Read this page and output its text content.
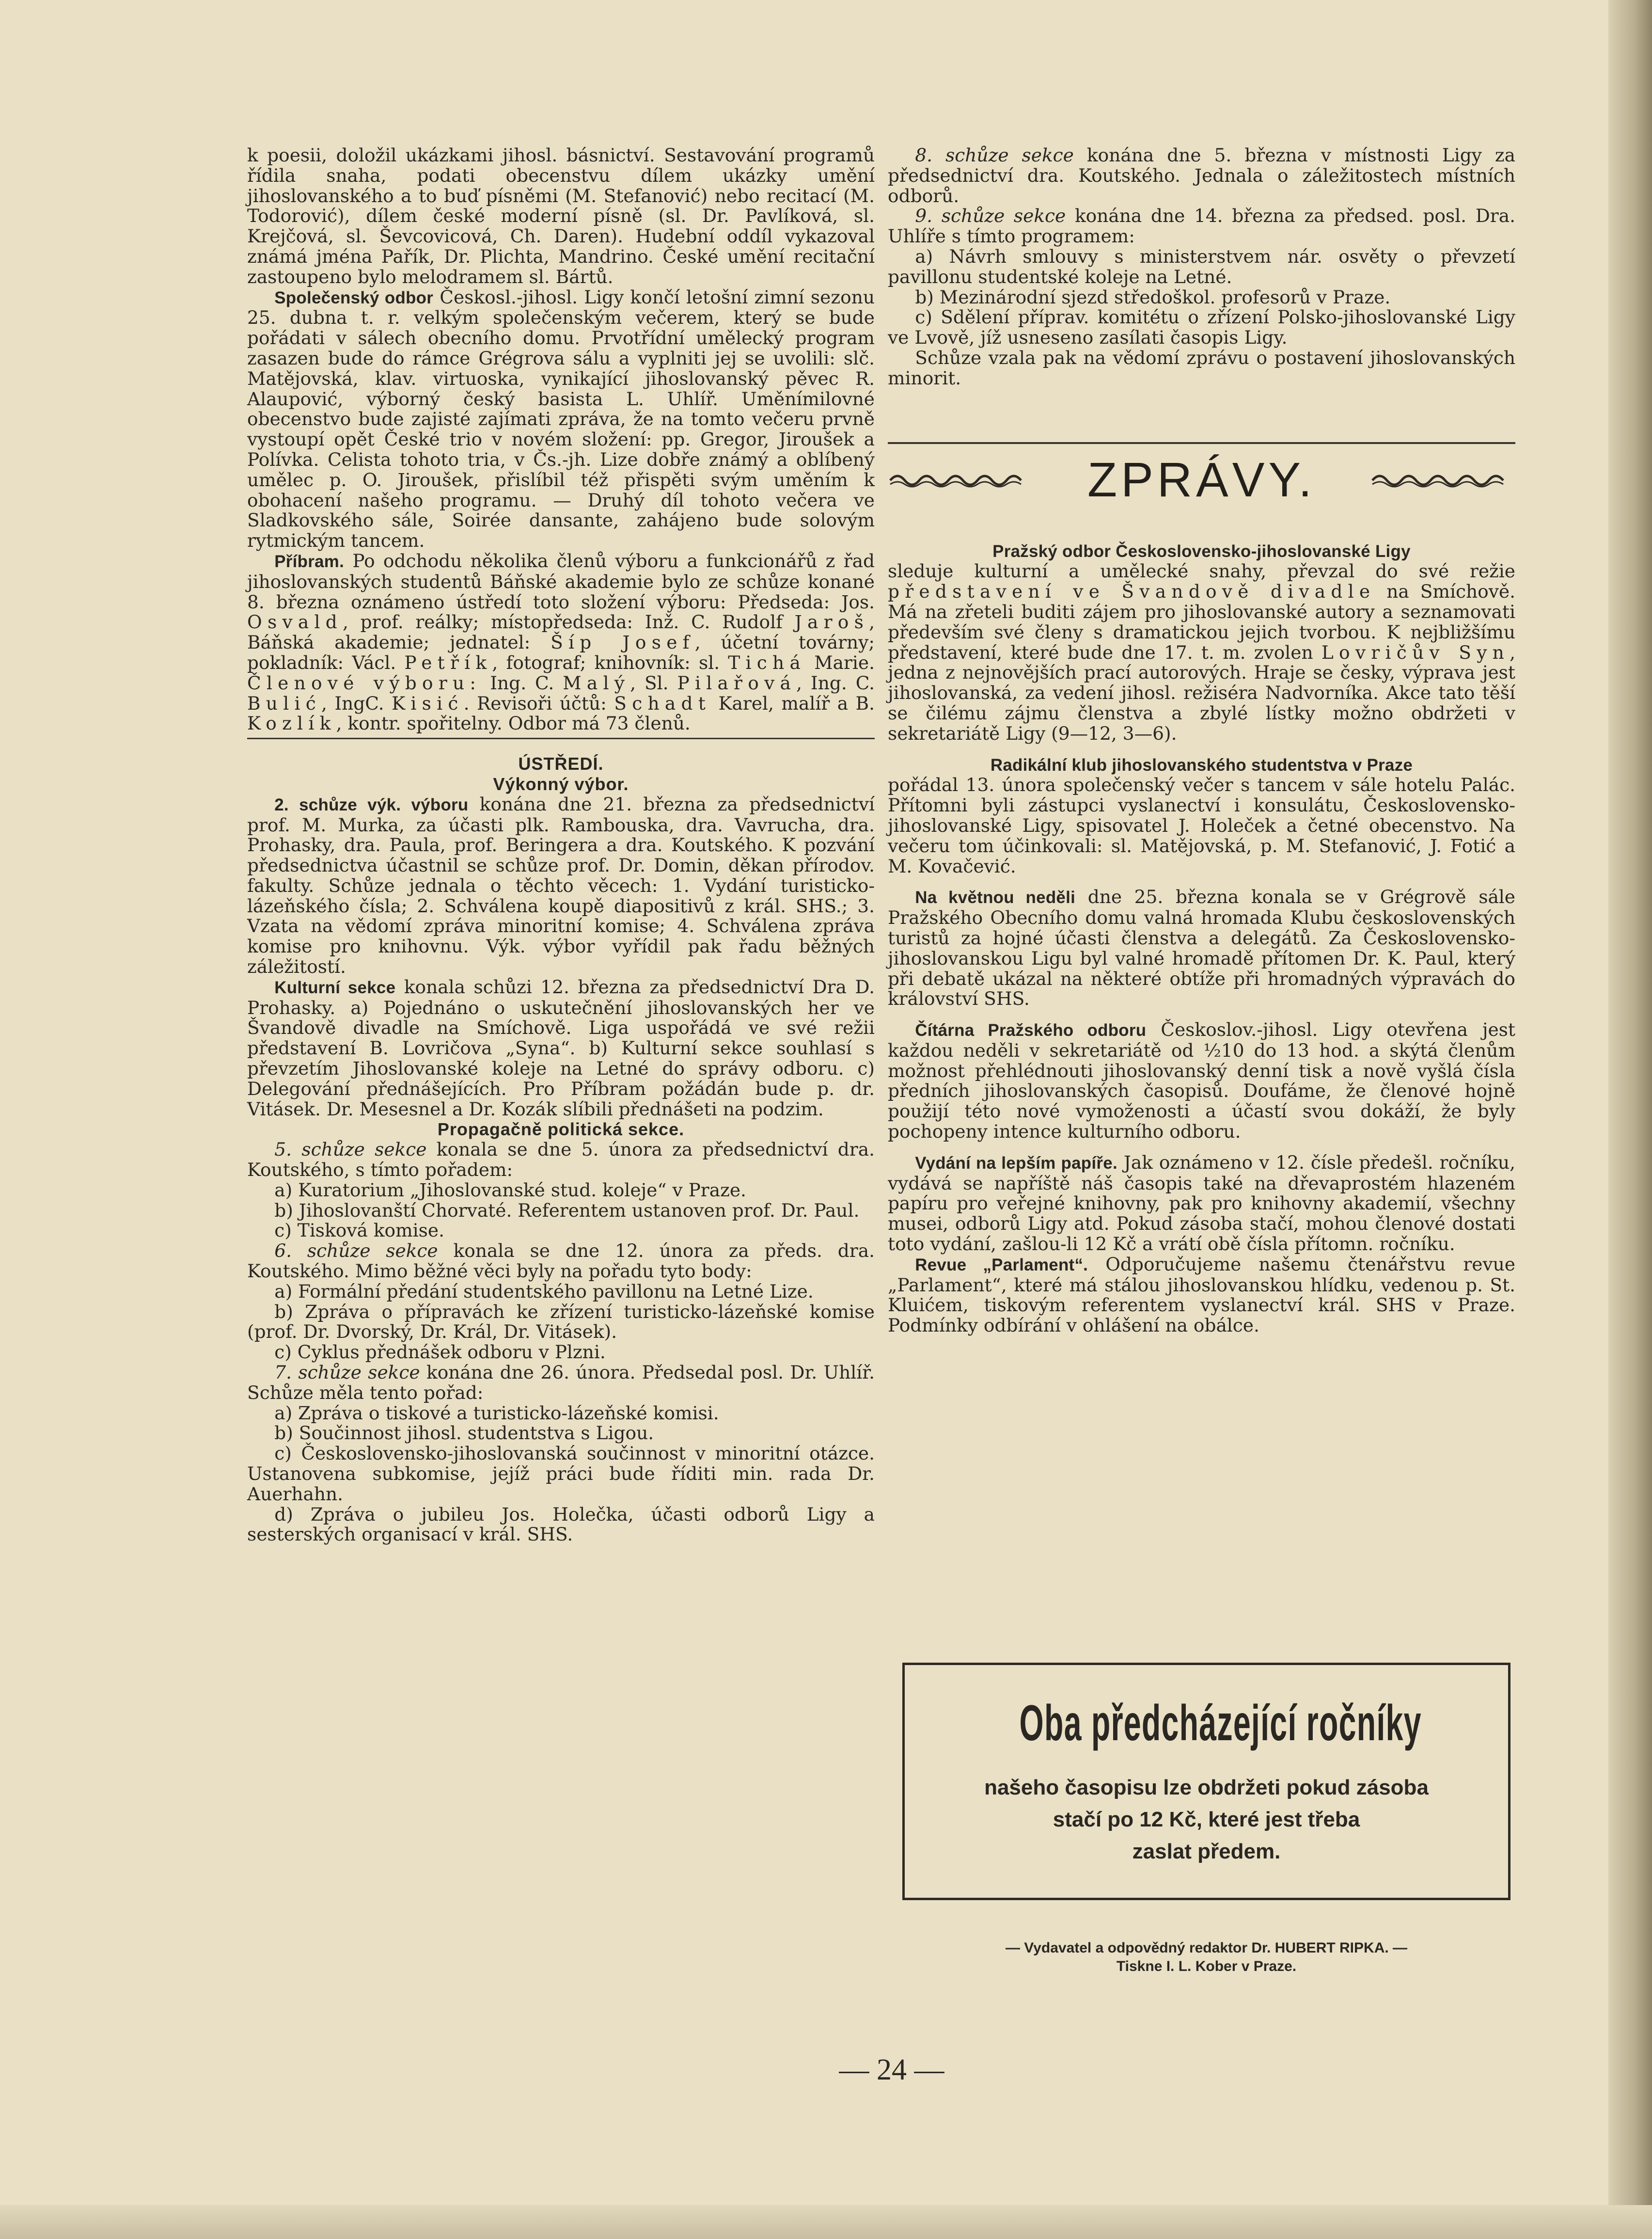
k poesii, doložil ukázkami jihosl. básnictví. Sestavování programů řídila snaha, podati obecenstvu dílem ukázky umění jihoslovanského a to buď písněmi (M. Stefanović) nebo recitací (M. Todorović), dílem české moderní písně (sl. Dr. Pavlíková, sl. Krejčová, sl. Ševcovicová, Ch. Daren). Hudební oddíl vykazoval známá jména Pařík, Dr. Plichta, Mandrino. České umění recitační zastoupeno bylo melodramem sl. Bártů.

Společenský odbor Českosl.-jihosl. Ligy končí letošní zimní sezonu 25. dubna t. r. velkým společenským večerem, který se bude pořádati v sálech obecního domu. Prvotřídní umělecký program zasazen bude do rámce Grégrova sálu a vyplniti jej se uvolili: slč. Matějovská, klav. virtuoska, vynikající jihoslovanský pěvec R. Alaupović, výborný český basista L. Uhlíř. Uměnímilovné obecenstvo bude zajisté zajímati zpráva, že na tomto večeru prvně vystoupí opět České trio v novém složení: pp. Gregor, Jiroušek a Polívka. Celista tohoto tria, v Čs.-jh. Lize dobře známý a oblíbený umělec p. O. Jiroušek, přislíbil též přispěti svým uměním k obohacení našeho programu. — Druhý díl tohoto večera ve Sladkovského sále, Soirée dansante, zahájeno bude solovým rytmickým tancem.

Příbram. Po odchodu několika členů výboru a funkcionářů z řad jihoslovanských studentů Báňské akademie bylo ze schůze konané 8. března oznámeno ústředí toto složení výboru: Předseda: Jos. Osvald, prof. reálky; místopředseda: Inž. C. Rudolf Jaroš, Báňská akademie; jednatel: Šíp Josef, účetní továrny; pokladník: Václ. Petřík, fotograf; knihovník: sl. Tichá Marie. Členové výboru: Ing. C. Malý, Sl. Pilařová, Ing. C. Bulić, IngC. Kisić. Revisoři účtů: Schadt Karel, malíř a B. Kozlík, kontr. spořitelny. Odbor má 73 členů.

ÚSTŘEDÍ.

Výkonný výbor.

2. schůze výk. výboru konána dne 21. března za předsednictví prof. M. Murka, za účasti plk. Rambouska, dra. Vavruchа, dra. Prohasky, dra. Paula, prof. Beringera a dra. Koutského. K pozvání předsednictva účastnil se schůze prof. Dr. Domin, děkan přírodov. fakulty. Schůze jednala o těchto věcech: 1. Vydání turisticko-lázeňského čísla; 2. Schválena koupě diapositivů z král. SHS.; 3. Vzata na vědomí zpráva minoritní komise; 4. Schválena zpráva komise pro knihovnu. Výk. výbor vyřídil pak řadu běžných záležitostí.

Kulturní sekce konala schůzi 12. března za předsednictví Dra D. Prohasky. a) Pojednáno o uskutečnění jihoslovanských her ve Švandově divadle na Smíchově. Liga uspořádá ve své režii představení B. Lovričova „Syna“. b) Kulturní sekce souhlasí s převzetím Jihoslovanské koleje na Letné do správy odboru. c) Delegování přednášejících. Pro Příbram požádán bude p. dr. Vitásek. Dr. Mesesnel a Dr. Kozák slíbili přednášeti na podzim.

Propagačně politická sekce.

5. schůze sekce konala se dne 5. února za předsednictví dra. Koutského, s tímto pořadem:

a) Kuratorium „Jihoslovanské stud. koleje“ v Praze.

b) Jihoslovanští Chorvaté. Referentem ustanoven prof. Dr. Paul.

c) Tisková komise.

6. schůze sekce konala se dne 12. února za předs. dra. Koutského. Mimo běžné věci byly na pořadu tyto body:

a) Formální předání studentského pavillonu na Letné Lize.

b) Zpráva o přípravách ke zřízení turisticko-lázeňské komise (prof. Dr. Dvorský, Dr. Král, Dr. Vitásek).

c) Cyklus přednášek odboru v Plzni.

7. schůze sekce konána dne 26. února. Předsedal posl. Dr. Uhlíř. Schůze měla tento pořad:

a) Zpráva o tiskové a turisticko-lázeňské komisi.

b) Součinnost jihosl. studentstva s Ligou.

c) Československo-jihoslovanská součinnost v minoritní otázce. Ustanovena subkomise, jejíž práci bude říditi min. rada Dr. Auerhahn.

d) Zpráva o jubileu Jos. Holečka, účasti odborů Ligy a sesterských organisací v král. SHS.

8. schůze sekce konána dne 5. března v místnosti Ligy za předsednictví dra. Koutského. Jednala o záležitostech místních odborů.

9. schůze sekce konána dne 14. března za předsed. posl. Dra. Uhlíře s tímto programem:

a) Návrh smlouvy s ministerstvem nár. osvěty o převzetí pavillonu studentské koleje na Letné.

b) Mezinárodní sjezd středoškol. profesorů v Praze.

c) Sdělení příprav. komitétu o zřízení Polsko-jihoslovanské Ligy ve Lvově, jíž usneseno zasílati časopis Ligy.

Schůze vzala pak na vědomí zprávu o postavení jihoslovanských minorit.

ZPRÁVY.

Pražský odbor Československo-jihoslovanské Ligy

sleduje kulturní a umělecké snahy, převzal do své režie představení ve Švandově divadle na Smíchově. Má na zřeteli buditi zájem pro jihoslovanské autory a seznamovati především své členy s dramatickou jejich tvorbou. K nejbližšímu představení, které bude dne 17. t. m. zvolen Lovričův Syn, jedna z nejnovějších prací autorových. Hraje se česky, výprava jest jihoslovanská, za vedení jihosl. režiséra Nadvorníka. Akce tato těší se čilému zájmu členstva a zbylé lístky možno obdržeti v sekretariátě Ligy (9—12, 3—6).

Radikální klub jihoslovanského studentstva v Praze

pořádal 13. února společenský večer s tancem v sále hotelu Palác. Přítomni byli zástupci vyslanectví i konsulátu, Československo-jihoslovanské Ligy, spisovatel J. Holeček a četné obecenstvo. Na večeru tom účinkovali: sl. Matějovská, p. M. Stefanović, J. Fotić a M. Kovačević.

Na květnou neděli dne 25. března konala se v Grégrově sále Pražského Obecního domu valná hromada Klubu československých turistů za hojné účasti členstva a delegátů. Za Československo-jihoslovanskou Ligu byl valné hromadě přítomen Dr. K. Paul, který při debatě ukázal na některé obtíže při hromadných výpravách do království SHS.

Čítárna Pražského odboru Českoslov.-jihosl. Ligy otevřena jest každou neděli v sekretariátě od ½10 do 13 hod. a skýtá členům možnost přehlédnouti jihoslovanský denní tisk a nově vyšlá čísla předních jihoslovanských časopisů. Doufáme, že členové hojně použijí této nové vymoženosti a účastí svou dokáží, že byly pochopeny intence kulturního odboru.

Vydání na lepším papíře. Jak oznámeno v 12. čísle předešl. ročníku, vydává se napříště náš časopis také na dřevaprostém hlazeném papíru pro veřejné knihovny, pak pro knihovny akademií, všechny musei, odborů Ligy atd. Pokud zásoba stačí, mohou členové dostati toto vydání, zašlou-li 12 Kč a vrátí obě čísla přítomn. ročníku.

Revue „Parlament“. Odporučujeme našemu čtenářstvu revue „Parlament“, které má stálou jihoslovanskou hlídku, vedenou p. St. Kluićem, tiskovým referentem vyslanectví král. SHS v Praze. Podmínky odbírání v ohlášení na obálce.

Oba předcházející ročníky
našeho časopisu lze obdržeti pokud zásoba
stačí po 12 Kč, které jest třeba
zaslat předem.
— Vydavatel a odpovědný redaktor Dr. HUBERT RIPKA. —
Tiskne I. L. Kober v Praze.
— 24 —
